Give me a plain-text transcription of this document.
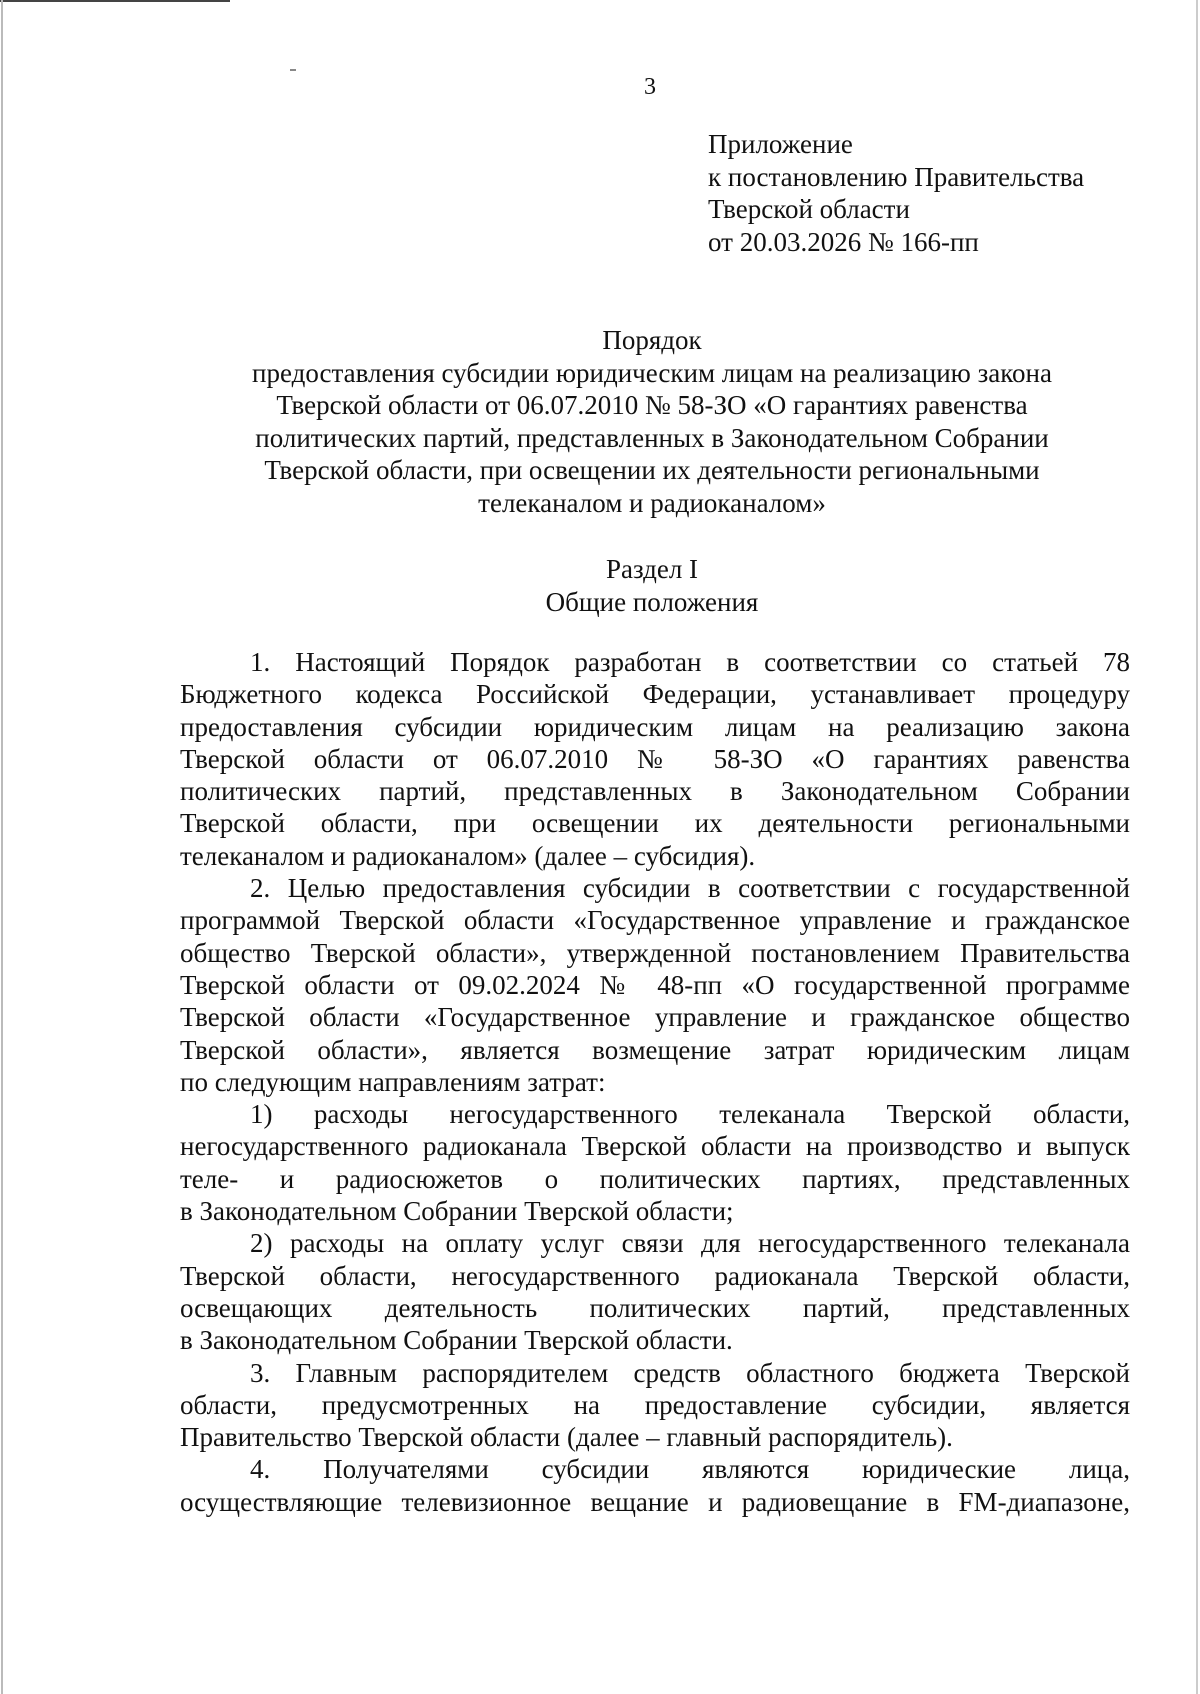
3
Приложение
к постановлению Правительства
Тверской области
от 20.03.2026 № 166-пп
Порядок
предоставления субсидии юридическим лицам на реализацию закона
Тверской области от 06.07.2010 № 58-ЗО «О гарантиях равенства
политических партий, представленных в Законодательном Собрании
Тверской области, при освещении их деятельности региональными
телеканалом и радиоканалом»
Раздел I
Общие положения
1. Настоящий Порядок разработан в соответствии со статьей 78
Бюджетного кодекса Российской Федерации, устанавливает процедуру
предоставления субсидии юридическим лицам на реализацию закона
Тверской области от 06.07.2010 № 58-ЗО «О гарантиях равенства
политических партий, представленных в Законодательном Собрании
Тверской области, при освещении их деятельности региональными
телеканалом и радиоканалом» (далее – субсидия).
2. Целью предоставления субсидии в соответствии с государственной
программой Тверской области «Государственное управление и гражданское
общество Тверской области», утвержденной постановлением Правительства
Тверской области от 09.02.2024 № 48-пп «О государственной программе
Тверской области «Государственное управление и гражданское общество
Тверской области», является возмещение затрат юридическим лицам
по следующим направлениям затрат:
1) расходы негосударственного телеканала Тверской области,
негосударственного радиоканала Тверской области на производство и выпуск
теле- и радиосюжетов о политических партиях, представленных
в Законодательном Собрании Тверской области;
2) расходы на оплату услуг связи для негосударственного телеканала
Тверской области, негосударственного радиоканала Тверской области,
освещающих деятельность политических партий, представленных
в Законодательном Собрании Тверской области.
3. Главным распорядителем средств областного бюджета Тверской
области, предусмотренных на предоставление субсидии, является
Правительство Тверской области (далее – главный распорядитель).
4. Получателями субсидии являются юридические лица,
осуществляющие телевизионное вещание и радиовещание в FM-диапазоне,
